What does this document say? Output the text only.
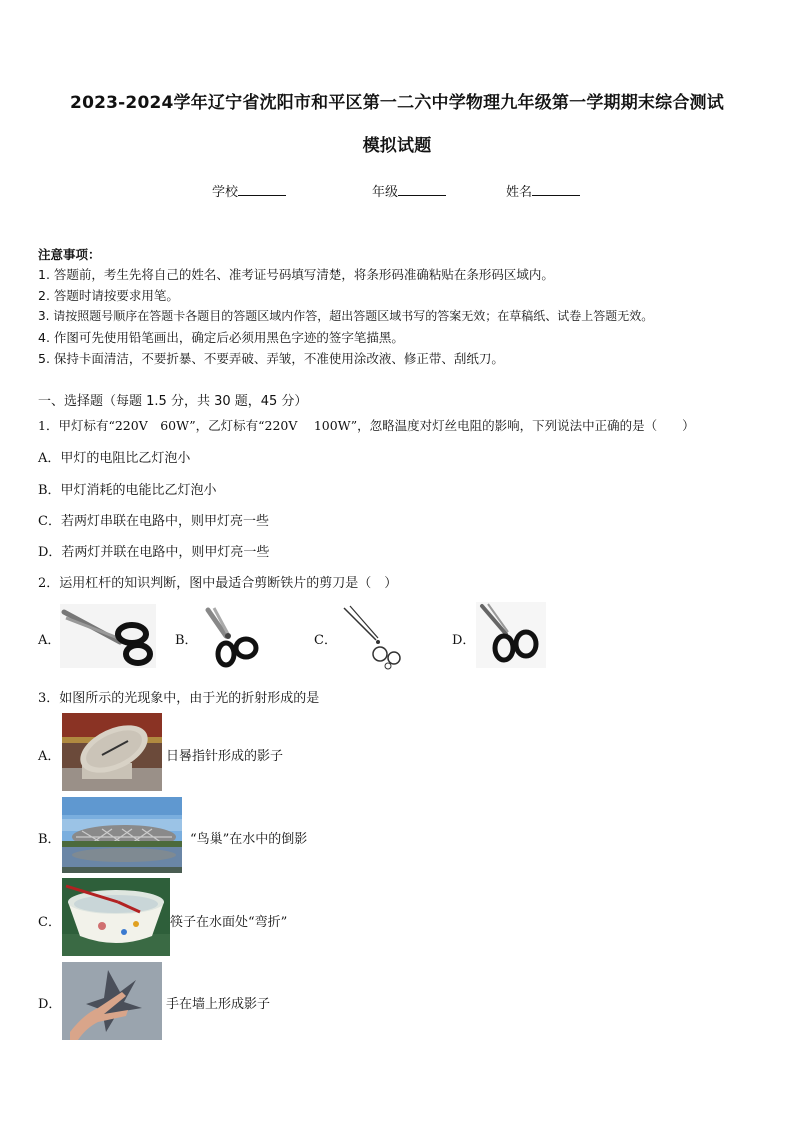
2023-2024学年辽宁省沈阳市和平区第一二六中学物理九年级第一学期期末综合测试
模拟试题
学校	年级	姓名
注意事项：
1. 答题前，考生先将自己的姓名、准考证号码填写清楚，将条形码准确粘贴在条形码区域内。
2. 答题时请按要求用笔。
3. 请按照题号顺序在答题卡各题目的答题区域内作答，超出答题区域书写的答案无效；在草稿纸、试卷上答题无效。
4. 作图可先使用铅笔画出，确定后必须用黑色字迹的签字笔描黑。
5. 保持卡面清洁，不要折暴、不要弄破、弄皱，不准使用涂改液、修正带、刮纸刀。
一、选择题（每题 1.5 分，共 30 题，45 分）
1．甲灯标有“220V　60W”，乙灯标有“220V　 100W”，忽略温度对灯丝电阻的影响，下列说法中正确的是（　　）
A．甲灯的电阻比乙灯泡小
B．甲灯消耗的电能比乙灯泡小
C．若两灯串联在电路中，则甲灯亮一些
D．若两灯并联在电路中，则甲灯亮一些
2．运用杠杆的知识判断，图中最适合剪断铁片的剪刀是（　）
A．	B．	C．	D．
3．如图所示的光现象中，由于光的折射形成的是
A．	日晷指针形成的影子
B．	“鸟巢”在水中的倒影
C．	筷子在水面处“弯折”
D．	手在墙上形成影子
